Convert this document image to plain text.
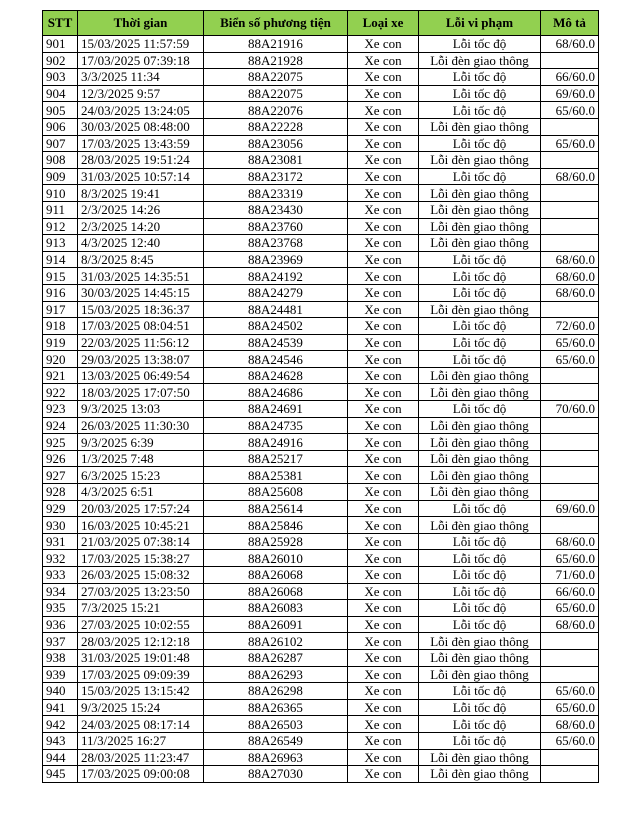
STT	Thời gian	Biển số phương tiện	Loại xe	Lỗi vi phạm	Mô tả
901	15/03/2025 11:57:59	88A21916	Xe con	Lỗi tốc độ	68/60.0
902	17/03/2025 07:39:18	88A21928	Xe con	Lỗi đèn giao thông	
903	3/3/2025 11:34	88A22075	Xe con	Lỗi tốc độ	66/60.0
904	12/3/2025 9:57	88A22075	Xe con	Lỗi tốc độ	69/60.0
905	24/03/2025 13:24:05	88A22076	Xe con	Lỗi tốc độ	65/60.0
906	30/03/2025 08:48:00	88A22228	Xe con	Lỗi đèn giao thông	
907	17/03/2025 13:43:59	88A23056	Xe con	Lỗi tốc độ	65/60.0
908	28/03/2025 19:51:24	88A23081	Xe con	Lỗi đèn giao thông	
909	31/03/2025 10:57:14	88A23172	Xe con	Lỗi tốc độ	68/60.0
910	8/3/2025 19:41	88A23319	Xe con	Lỗi đèn giao thông	
911	2/3/2025 14:26	88A23430	Xe con	Lỗi đèn giao thông	
912	2/3/2025 14:20	88A23760	Xe con	Lỗi đèn giao thông	
913	4/3/2025 12:40	88A23768	Xe con	Lỗi đèn giao thông	
914	8/3/2025 8:45	88A23969	Xe con	Lỗi tốc độ	68/60.0
915	31/03/2025 14:35:51	88A24192	Xe con	Lỗi tốc độ	68/60.0
916	30/03/2025 14:45:15	88A24279	Xe con	Lỗi tốc độ	68/60.0
917	15/03/2025 18:36:37	88A24481	Xe con	Lỗi đèn giao thông	
918	17/03/2025 08:04:51	88A24502	Xe con	Lỗi tốc độ	72/60.0
919	22/03/2025 11:56:12	88A24539	Xe con	Lỗi tốc độ	65/60.0
920	29/03/2025 13:38:07	88A24546	Xe con	Lỗi tốc độ	65/60.0
921	13/03/2025 06:49:54	88A24628	Xe con	Lỗi đèn giao thông	
922	18/03/2025 17:07:50	88A24686	Xe con	Lỗi đèn giao thông	
923	9/3/2025 13:03	88A24691	Xe con	Lỗi tốc độ	70/60.0
924	26/03/2025 11:30:30	88A24735	Xe con	Lỗi đèn giao thông	
925	9/3/2025 6:39	88A24916	Xe con	Lỗi đèn giao thông	
926	1/3/2025 7:48	88A25217	Xe con	Lỗi đèn giao thông	
927	6/3/2025 15:23	88A25381	Xe con	Lỗi đèn giao thông	
928	4/3/2025 6:51	88A25608	Xe con	Lỗi đèn giao thông	
929	20/03/2025 17:57:24	88A25614	Xe con	Lỗi tốc độ	69/60.0
930	16/03/2025 10:45:21	88A25846	Xe con	Lỗi đèn giao thông	
931	21/03/2025 07:38:14	88A25928	Xe con	Lỗi tốc độ	68/60.0
932	17/03/2025 15:38:27	88A26010	Xe con	Lỗi tốc độ	65/60.0
933	26/03/2025 15:08:32	88A26068	Xe con	Lỗi tốc độ	71/60.0
934	27/03/2025 13:23:50	88A26068	Xe con	Lỗi tốc độ	66/60.0
935	7/3/2025 15:21	88A26083	Xe con	Lỗi tốc độ	65/60.0
936	27/03/2025 10:02:55	88A26091	Xe con	Lỗi tốc độ	68/60.0
937	28/03/2025 12:12:18	88A26102	Xe con	Lỗi đèn giao thông	
938	31/03/2025 19:01:48	88A26287	Xe con	Lỗi đèn giao thông	
939	17/03/2025 09:09:39	88A26293	Xe con	Lỗi đèn giao thông	
940	15/03/2025 13:15:42	88A26298	Xe con	Lỗi tốc độ	65/60.0
941	9/3/2025 15:24	88A26365	Xe con	Lỗi tốc độ	65/60.0
942	24/03/2025 08:17:14	88A26503	Xe con	Lỗi tốc độ	68/60.0
943	11/3/2025 16:27	88A26549	Xe con	Lỗi tốc độ	65/60.0
944	28/03/2025 11:23:47	88A26963	Xe con	Lỗi đèn giao thông	
945	17/03/2025 09:00:08	88A27030	Xe con	Lỗi đèn giao thông	
